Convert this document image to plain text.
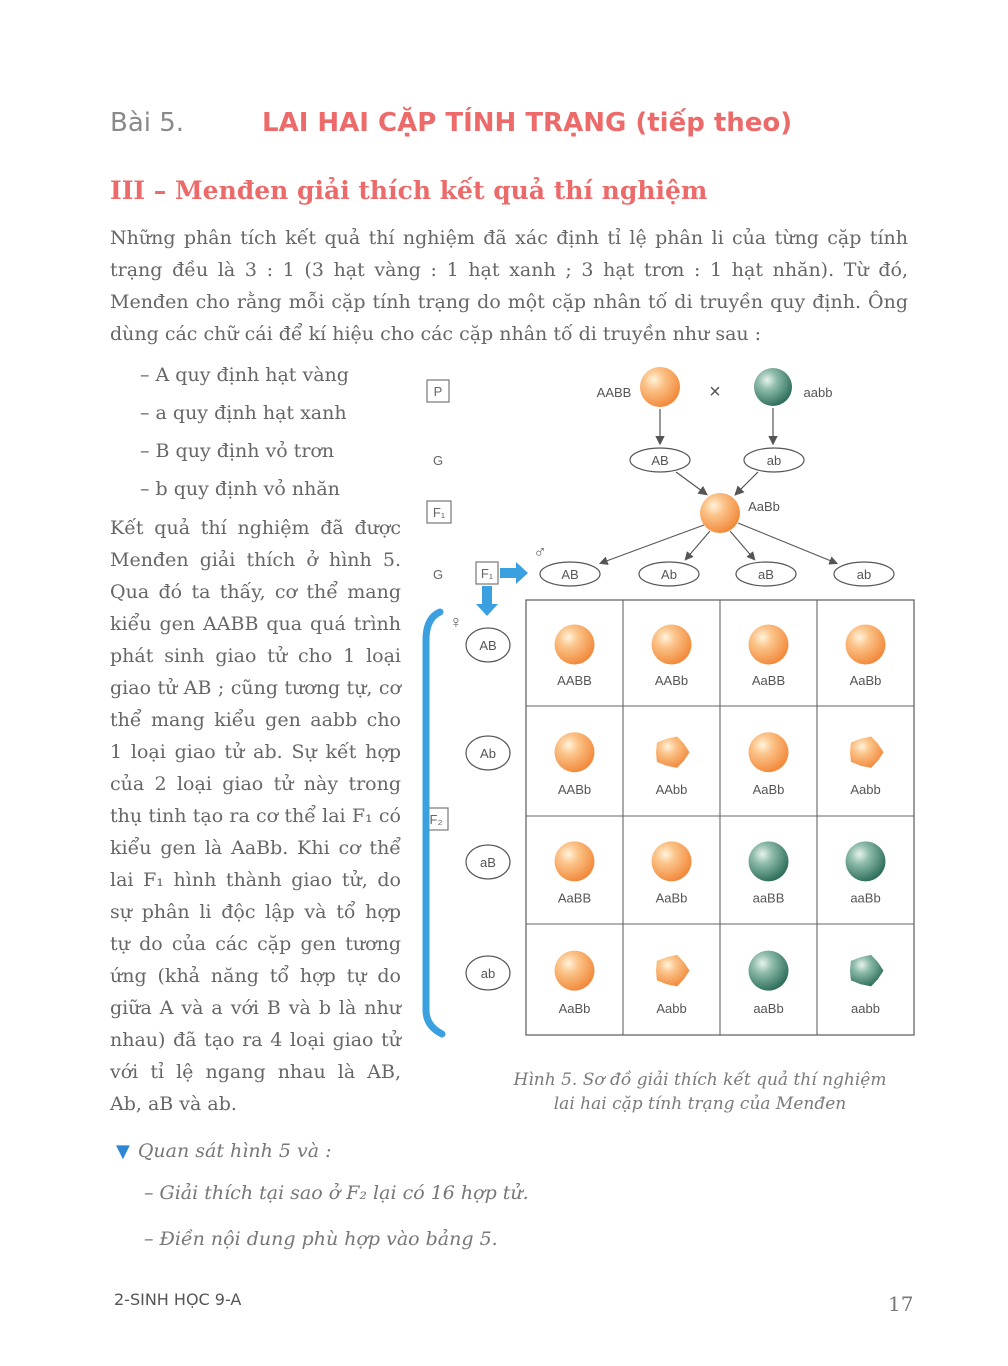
Bài 5.	LAI HAI CẶP TÍNH TRẠNG (tiếp theo)
III – Menđen giải thích kết quả thí nghiệm

Những phân tích kết quả thí nghiệm đã xác định tỉ lệ phân li của từng cặp tính trạng đều là 3 : 1 (3 hạt vàng : 1 hạt xanh ; 3 hạt trơn : 1 hạt nhăn). Từ đó, Menđen cho rằng mỗi cặp tính trạng do một cặp nhân tố di truyền quy định. Ông dùng các chữ cái để kí hiệu cho các cặp nhân tố di truyền như sau :

– A quy định hạt vàng
– a quy định hạt xanh
– B quy định vỏ trơn
– b quy định vỏ nhăn
Kết quả thí nghiệm đã được Menđen giải thích ở hình 5. Qua đó ta thấy, cơ thể mang kiểu gen AABB qua quá trình phát sinh giao tử cho 1 loại giao tử AB ; cũng tương tự, cơ thể mang kiểu gen aabb cho 1 loại giao tử ab. Sự kết hợp của 2 loại giao tử này trong thụ tinh tạo ra cơ thể lai F₁ có kiểu gen là AaBb. Khi cơ thể lai F₁ hình thành giao tử, do sự phân li độc lập và tổ hợp tự do của các cặp gen tương ứng (khả năng tổ hợp tự do giữa A và a với B và b là như nhau) đã tạo ra 4 loại giao tử với tỉ lệ ngang nhau là AB, Ab, aB và ab.
P
G
F₁
G
F₂
AABB	×	aabb
AB	ab
AaBb
F₁
♂
♀
AB	Ab	aB	ab
AB
Ab
aB
ab
AABB	AABb	AaBB	AaBb
AABb	AAbb	AaBb	Aabb
AaBB	AaBb	aaBB	aaBb
AaBb	Aabb	aaBb	aabb
Hình 5. Sơ đồ giải thích kết quả thí nghiệm
lai hai cặp tính trạng của Menđen
▼ Quan sát hình 5 và :
– Giải thích tại sao ở F₂ lại có 16 hợp tử.
– Điền nội dung phù hợp vào bảng 5.
2-SINH HỌC 9-A	17
